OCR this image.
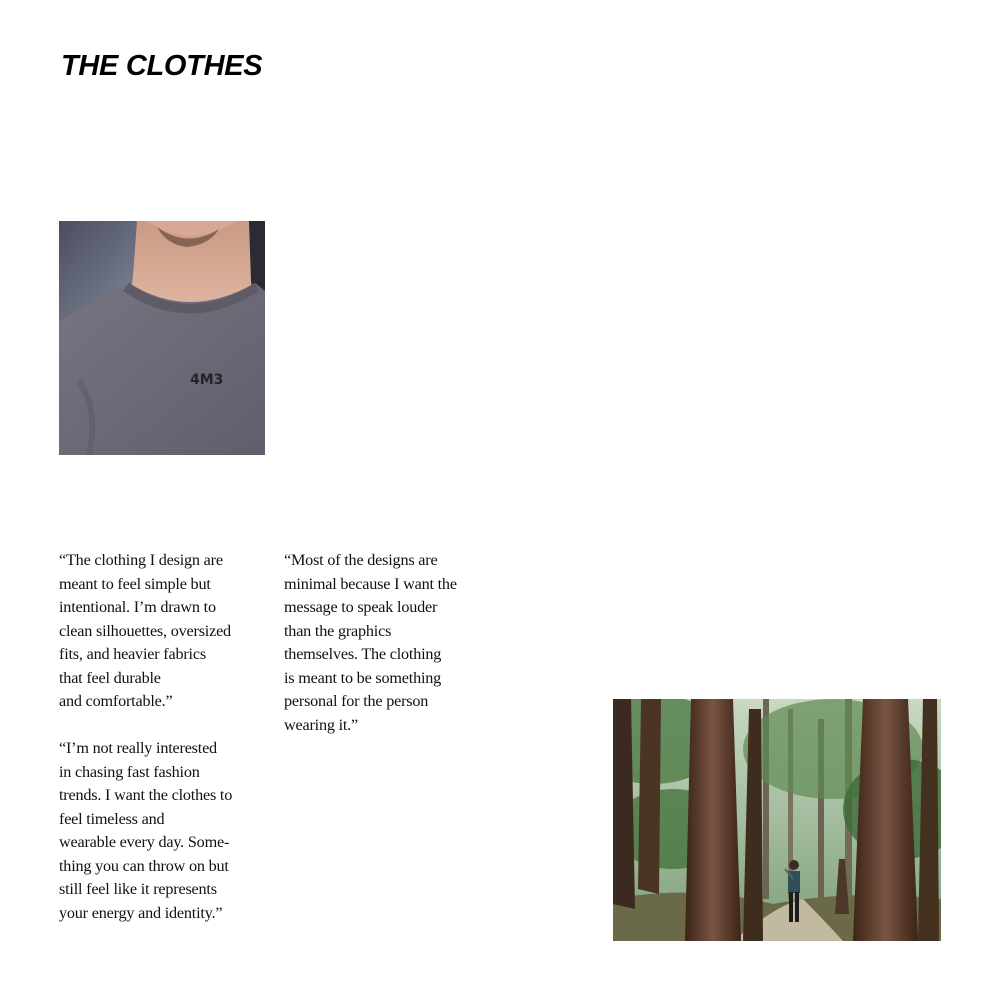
THE CLOTHES
4M3

“The clothing I design are
meant to feel simple but
intentional. I’m drawn to
clean silhouettes, oversized
fits, and heavier fabrics
that feel durable
and comfortable.”

“I’m not really interested
in chasing fast fashion
trends. I want the clothes to
feel timeless and
wearable every day. Some-
thing you can throw on but
still feel like it represents
your energy and identity.”

“Most of the designs are
minimal because I want the
message to speak louder
than the graphics
themselves. The clothing
is meant to be something
personal for the person
wearing it.”
